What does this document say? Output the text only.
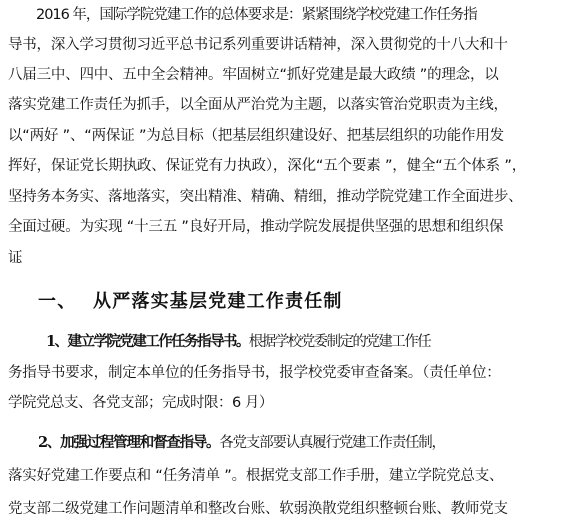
2016 年，国际学院党建工作的总体要求是：紧紧围绕学校党建工作任务指
导书，深入学习贯彻习近平总书记系列重要讲话精神，深入贯彻党的十八大和十
八届三中、四中、五中全会精神。牢固树立“抓好党建是最大政绩 ”的理念，以
落实党建工作责任为抓手，以全面从严治党为主题，以落实管治党职责为主线，
以“两好 ”、“两保证 ”为总目标（把基层组织建设好、把基层组织的功能作用发
挥好，保证党长期执政、保证党有力执政），深化“五个要素 ”，健全“五个体系 ”，
坚持务本务实、落地落实，突出精准、精确、精细，推动学院党建工作全面进步、
全面过硬。为实现 “十三五 ”良好开局，推动学院发展提供坚强的思想和组织保
证。
一、 从严落实基层党建工作责任制
1、建立学院党建工作任务指导书。根据学校党委制定的党建工作任
务指导书要求，制定本单位的任务指导书，报学校党委审查备案。（责任单位：
学院党总支、各党支部；完成时限：6 月）
2、加强过程管理和督查指导。各党支部要认真履行党建工作责任制，
落实好党建工作要点和 “任务清单 ”。根据党支部工作手册，建立学院党总支、
党支部二级党建工作问题清单和整改台账、软弱涣散党组织整顿台账、教师党支
